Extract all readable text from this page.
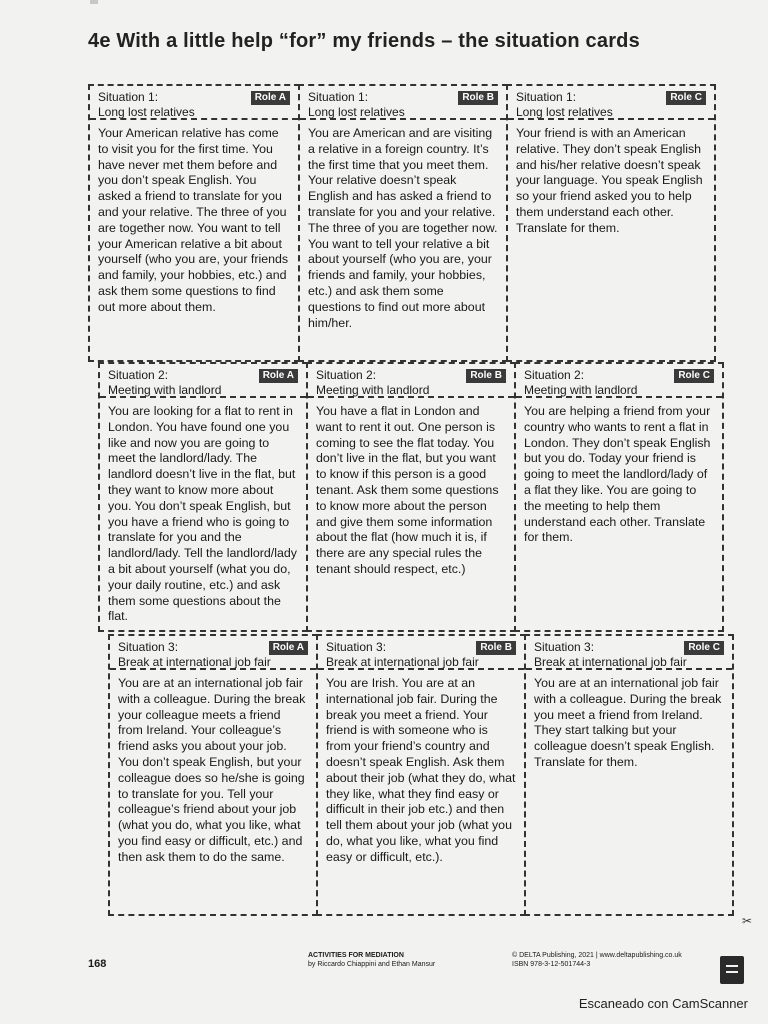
4e With a little help “for” my friends – the situation cards
Situation 1:
Long lost relatives
Role A
Your American relative has come to visit you for the first time. You have never met them before and you don’t speak English. You asked a friend to translate for you and your relative. The three of you are together now. You want to tell your American relative a bit about yourself (who you are, your friends and family, your hobbies, etc.) and ask them some questions to find out more about them.
Situation 1:
Long lost relatives
Role B
You are American and are visiting a relative in a foreign country. It’s the first time that you meet them. Your relative doesn’t speak English and has asked a friend to translate for you and your relative. The three of you are together now. You want to tell your relative a bit about yourself (who you are, your friends and family, your hobbies, etc.) and ask them some questions to find out more about him/her.
Situation 1:
Long lost relatives
Role C
Your friend is with an American relative. They don’t speak English and his/her relative doesn’t speak your language. You speak English so your friend asked you to help them understand each other. Translate for them.
Situation 2:
Meeting with landlord
Role A
You are looking for a flat to rent in London. You have found one you like and now you are going to meet the landlord/lady. The landlord doesn’t live in the flat, but they want to know more about you. You don’t speak English, but you have a friend who is going to translate for you and the landlord/lady. Tell the landlord/lady a bit about yourself (what you do, your daily routine, etc.) and ask them some questions about the flat.
Situation 2:
Meeting with landlord
Role B
You have a flat in London and want to rent it out. One person is coming to see the flat today. You don’t live in the flat, but you want to know if this person is a good tenant. Ask them some questions to know more about the person and give them some information about the flat (how much it is, if there are any special rules the tenant should respect, etc.)
Situation 2:
Meeting with landlord
Role C
You are helping a friend from your country who wants to rent a flat in London. They don’t speak English but you do. Today your friend is going to meet the landlord/lady of a flat they like. You are going to the meeting to help them understand each other. Translate for them.
Situation 3:
Break at international job fair
Role A
You are at an international job fair with a colleague. During the break your colleague meets a friend from Ireland. Your colleague’s friend asks you about your job. You don’t speak English, but your colleague does so he/she is going to translate for you. Tell your colleague’s friend about your job (what you do, what you like, what you find easy or difficult, etc.) and then ask them to do the same.
Situation 3:
Break at international job fair
Role B
You are Irish. You are at an international job fair. During the break you meet a friend. Your friend is with someone who is from your friend’s country and doesn’t speak English. Ask them about their job (what they do, what they like, what they find easy or difficult in their job etc.) and then tell them about your job (what you do, what you like, what you find easy or difficult, etc.).
Situation 3:
Break at international job fair
Role C
You are at an international job fair with a colleague. During the break you meet a friend from Ireland. They start talking but your colleague doesn’t speak English. Translate for them.
✂
168
ACTIVITIES FOR MEDIATION
by Riccardo Chiappini and Ethan Mansur
© DELTA Publishing, 2021 | www.deltapublishing.co.uk
ISBN 978-3-12-501744-3
Escaneado con CamScanner
